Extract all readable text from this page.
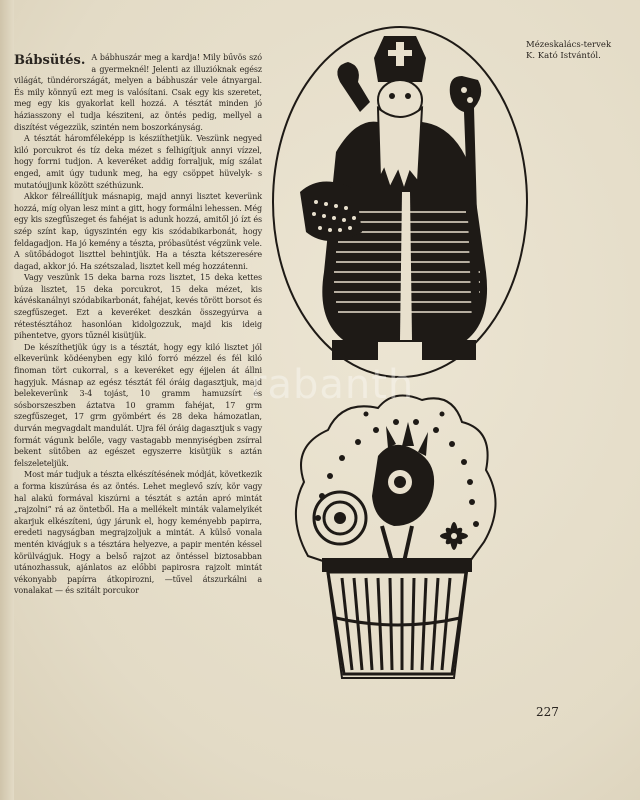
Bábsütés. A bábhuszár meg a kardja! Mily bűvös szó a gyermeknél! Jelenti az illuzióknak egész világát, tündérországát, melyen a bábhuszár vele átnyargal. És mily könnyű ezt meg is valósítani. Csak egy kis szeretet, meg egy kis gyakorlat kell hozzá. A tésztát minden jó háziasszony el tudja késziteni, az öntés pedig, mellyel a diszítést végezzük, szintén nem boszorkányság.

A tésztát háromféleképp is késziíthetjük. Veszünk negyed kiló porcukrot és tíz deka mézet s felhigítjuk annyi vízzel, hogy forrni tudjon. A keveréket addig forraljuk, míg szálat enged, amit úgy tudunk meg, ha egy csöppet hüvelyk- s mutatóujjunk között széthúzunk.

Akkor félreállítjuk másnapig, majd annyi lisztet keverünk hozzá, míg olyan lesz mint a gitt, hogy formálni lehessen. Még egy kis szegfűszeget és fahéjat is adunk hozzá, amitől jó ízt és szép színt kap, úgyszintén egy kis szódabikarbonát, hogy feldagadjon. Ha jó kemény a tészta, próbasütést végzünk vele. A sütőbádogot liszttel behintjük. Ha a tészta kétszeresére dagad, akkor jó. Ha szétszalad, lisztet kell még hozzátenni.

Vagy veszünk 15 deka barna rozs lisztet, 15 deka kettes búza lisztet, 15 deka porcukrot, 15 deka mézet, kis kávéskanálnyi szódabikarbonát, fahéjat, kevés törött borsot és szegfűszeget. Ezt a keveréket deszkán összegyúrva a rétestésztához hasonlóan kidolgozzuk, majd kis ideig pihentetve, gyors tűznél kisütjük.

De készíthetjük úgy is a tésztát, hogy egy kiló lisztet jól elkeverünk ködéenyben egy kiló forró mézzel és fél kiló finoman tört cukorral, s a keveréket egy éjjelen át állni hagyjuk. Másnap az egész tésztát fél óráig dagasztjuk, majd belekeverünk 3-4 tojást, 10 gramm hamuzsírt és sósborszeszben áztatva 10 gramm fahéjat, 17 grm szegfűszeget, 17 grm gyömbért és 28 deka hámozatlan, durván megvagdalt mandulát. Ujra fél óráig dagasztjuk s vagy formát vágunk belőle, vagy vastagabb mennyiségben zsírral bekent sütőben az egészet egyszerre kisütjük s aztán felszeleteljük.

Most már tudjuk a tészta elkészítésének módját, következik a forma kiszúrása és az öntés. Lehet meglevő szív, kör vagy hal alakú formával kiszúrni a tésztát s aztán apró mintát „rajzolni” rá az öntetből. Ha a mellékelt minták valamelyikét akarjuk elkészíteni, úgy járunk el, hogy keményebb papirra, eredeti nagyságban megrajzoljuk a mintát. A külső vonala mentén kivágjuk s a tésztára helyezve, a papir mentén késsel körülvágjuk. Hogy a belső rajzot az öntéssel biztosabban utánozhassuk, ajánlatos az előbbi papirosra rajzolt mintát vékonyabb papírra átkopirozni, —tűvel átszurkálni a vonalakat — és szitált porcukor

Mézeskalács-tervek
K. Kató Istvántól.
rabanth
227
